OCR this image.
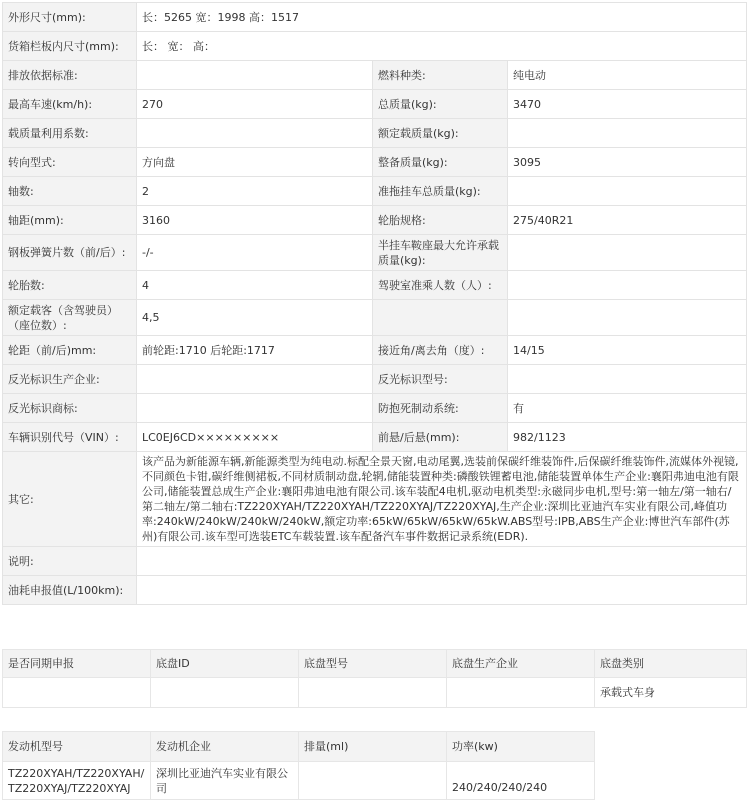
外形尺寸(mm):	长：5265 宽：1998 高：1517		
货箱栏板内尺寸(mm):	长： 宽： 高：		
排放依据标准:		燃料种类:	纯电动
最高车速(km/h):	270	总质量(kg):	3470
载质量利用系数:		额定载质量(kg):	
转向型式:	方向盘	整备质量(kg):	3095
轴数:	2	准拖挂车总质量(kg):	
轴距(mm):	3160	轮胎规格:	275/40R21
钢板弹簧片数（前/后）:	-/-	半挂车鞍座最大允许承载质量(kg):	
轮胎数:	4	驾驶室准乘人数（人）:	
额定载客（含驾驶员）（座位数）:	4,5		
轮距（前/后)mm:	前轮距:1710 后轮距:1717	接近角/离去角（度）:	14/15
反光标识生产企业:		反光标识型号:	
反光标识商标:		防抱死制动系统:	有
车辆识别代号（VIN）:	LC0EJ6CD×××××××××	前悬/后悬(mm):	982/1123
其它:	该产品为新能源车辆,新能源类型为纯电动.标配全景天窗,电动尾翼,选装前保碳纤维装饰件,后保碳纤维装饰件,流媒体外视镜,不同颜色卡钳,碳纤维侧裙板,不同材质制动盘,轮辋,储能装置种类:磷酸铁锂蓄电池,储能装置单体生产企业:襄阳弗迪电池有限公司,储能装置总成生产企业:襄阳弗迪电池有限公司.该车装配4电机,驱动电机类型:永磁同步电机,型号:第一轴左/第一轴右/第二轴左/第二轴右:TZ220XYAH/TZ220XYAH/TZ220XYAJ/TZ220XYAJ,生产企业:深圳比亚迪汽车实业有限公司,峰值功率:240kW/240kW/240kW/240kW,额定功率:65kW/65kW/65kW/65kW.ABS型号:IPB,ABS生产企业:博世汽车部件(苏州)有限公司.该车型可选装ETC车载装置.该车配备汽车事件数据记录系统(EDR).		
说明:			
油耗申报值(L/100km):			
是否同期申报	底盘ID	底盘型号	底盘生产企业	底盘类别
				承载式车身
发动机型号	发动机企业	排量(ml)	功率(kw)	
TZ220XYAH/TZ220XYAH/TZ220XYAJ/TZ220XYAJ	深圳比亚迪汽车实业有限公司		240/240/240/240	
